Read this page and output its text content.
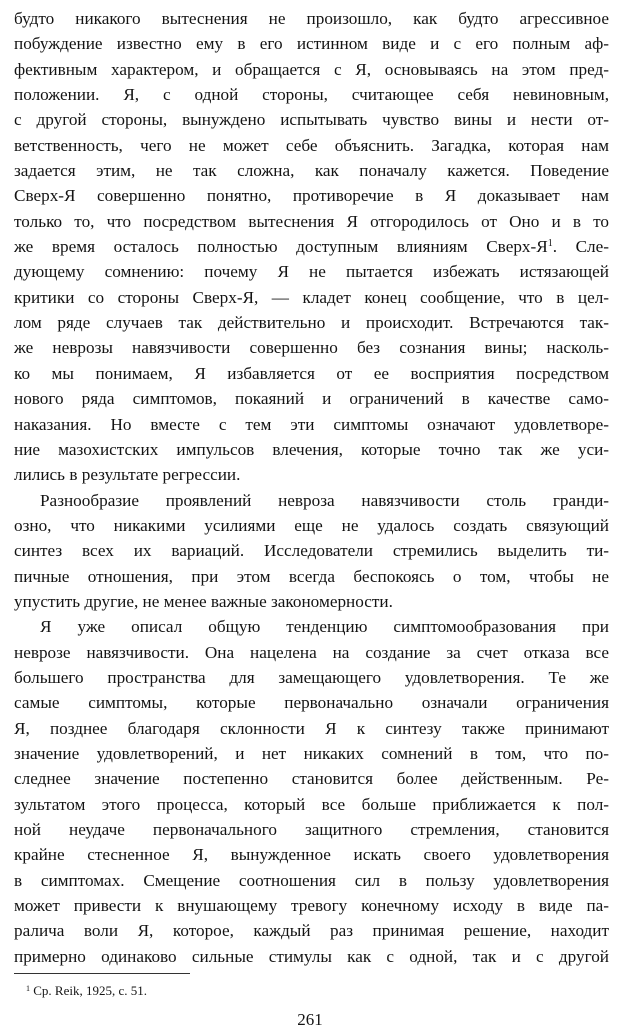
будто никакого вытеснения не произошло, как будто агрессивное
побуждение известно ему в его истинном виде и с его полным аф-
фективным характером, и обращается с Я, основываясь на этом пред-
положении. Я, с одной стороны, считающее себя невиновным,
с другой стороны, вынуждено испытывать чувство вины и нести от-
ветственность, чего не может себе объяснить. Загадка, которая нам
задается этим, не так сложна, как поначалу кажется. Поведение
Сверх-Я совершенно понятно, противоречие в Я доказывает нам
только то, что посредством вытеснения Я отгородилось от Оно и в то
же время осталось полностью доступным влияниям Сверх-$Я^1$. Сле-
дующему сомнению: почему Я не пытается избежать истязающей
критики со стороны Сверх-Я, — кладет конец сообщение, что в цел-
лом ряде случаев так действительно и происходит. Встречаются так-
же неврозы навязчивости совершенно без сознания вины; насколь-
ко мы понимаем, Я избавляется от ее восприятия посредством
нового ряда симптомов, покаяний и ограничений в качестве само-
наказания. Но вместе с тем эти симптомы означают удовлетворе-
ние мазохистских импульсов влечения, которые точно так же уси-
лились в результате регрессии.
Разнообразие проявлений невроза навязчивости столь гранди-
озно, что никакими усилиями еще не удалось создать связующий
синтез всех их вариаций. Исследователи стремились выделить ти-
пичные отношения, при этом всегда беспокоясь о том, чтобы не
упустить другие, не менее важные закономерности.
Я уже описал общую тенденцию симптомообразования при
неврозе навязчивости. Она нацелена на создание за счет отказа все
большего пространства для замещающего удовлетворения. Те же
самые симптомы, которые первоначально означали ограничения
Я, позднее благодаря склонности Я к синтезу также принимают
значение удовлетворений, и нет никаких сомнений в том, что по-
следнее значение постепенно становится более действенным. Ре-
зультатом этого процесса, который все больше приближается к пол-
ной неудаче первоначального защитного стремления, становится
крайне стесненное Я, вынужденное искать своего удовлетворения
в симптомах. Смещение соотношения сил в пользу удовлетворения
может привести к внушающему тревогу конечному исходу в виде па-
ралича воли Я, которое, каждый раз принимая решение, находит
примерно одинаково сильные стимулы как с одной, так и с другой
$^1$ Ср. Reik, 1925, с. 51.
261
